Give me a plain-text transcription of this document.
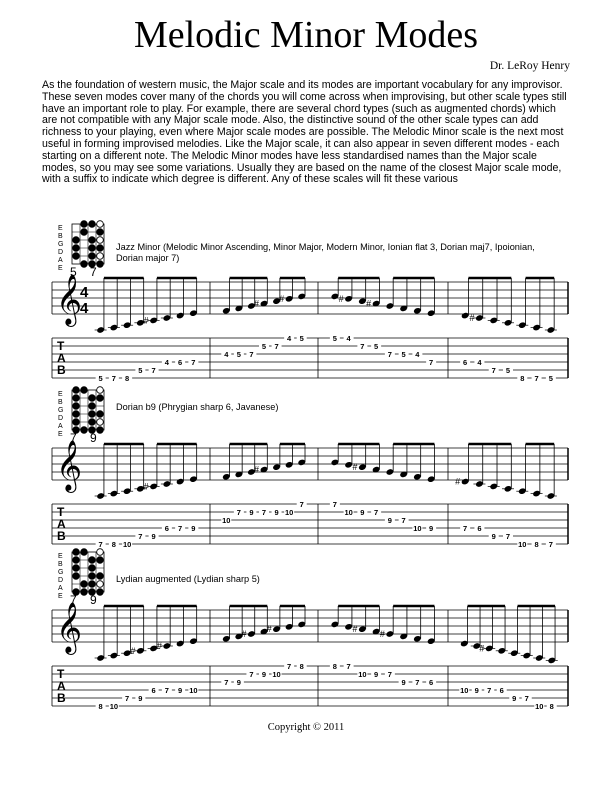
Melodic Minor Modes
Dr. LeRoy Henry

As the foundation of western music, the Major scale and its modes are important vocabulary for any improvisor. These seven modes cover many of the chords you will come across when improvising, but other scale types still have an important role to play. For example, there are several chord types (such as augmented chords) which are not compatible with any Major scale mode. Also, the distinctive sound of the other scale types can add richness to your playing, even where Major scale modes are possible. The Melodic Minor scale is the next most useful in forming improvised melodies. Like the Major scale, it can also appear in seven different modes - each starting on a different note. The Melodic Minor modes have less standardised names than the Major scale modes, so you may see some variations. Usually they are based on the name of the closest Major scale mode, with a suffix to indicate which degree is different. Any of these scales will fit these various

E
B
G
D
A
E 5 7
𝄞
4
4
T
A
B
5 7 8
5
#
7
4 6 7
4 5 7
#
5 7
#
4 5	5
#
4
7
#
5
7 5 4
7	6
#
4
7 5
8 7 5
Jazz Minor (Melodic Minor Ascending, Minor Major, Modern Minor, Ionian flat 3, Dorian maj7, Ipoionian, Dorian major 7)
E
B
G
D
A
E 7 9
𝄞
T
A
B
7 8 10
7
#
9
6 7 9
10
7 9
#
7 9 10
7	7
10
#
9 7
9 7
10 9
#
7 6
9 7
10 8 7
Dorian b9 (Phrygian sharp 6, Javanese)
E
B
G
D
A
E 7 9
𝄞
T
A
B
8 10
7
#
9
6
#
7 9 10
7 9
#
7 9
#
10
7 8	8 7
#
10 9
#
7
9 7 6
10 9
#
7 6
9 7
10 8
Lydian augmented (Lydian sharp 5)
Copyright © 2011
